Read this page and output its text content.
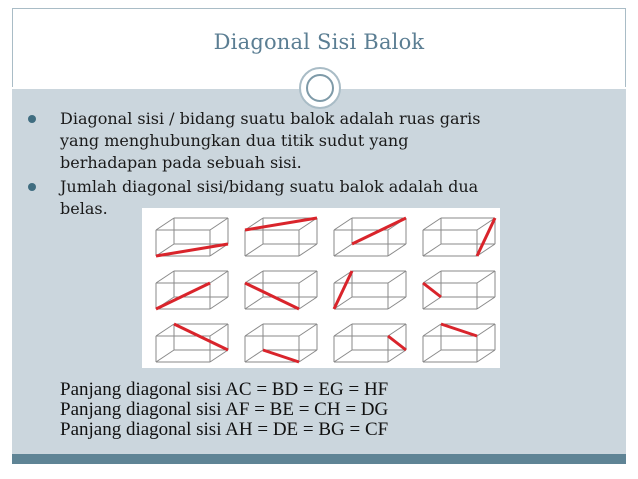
Diagonal Sisi Balok
Diagonal sisi / bidang suatu balok adalah ruas garis
yang menghubungkan dua titik sudut yang
berhadapan pada sebuah sisi.
Jumlah diagonal sisi/bidang suatu balok adalah dua
belas.
Panjang diagonal sisi AC = BD = EG = HF
Panjang diagonal sisi AF = BE = CH = DG
Panjang diagonal sisi AH = DE = BG = CF
